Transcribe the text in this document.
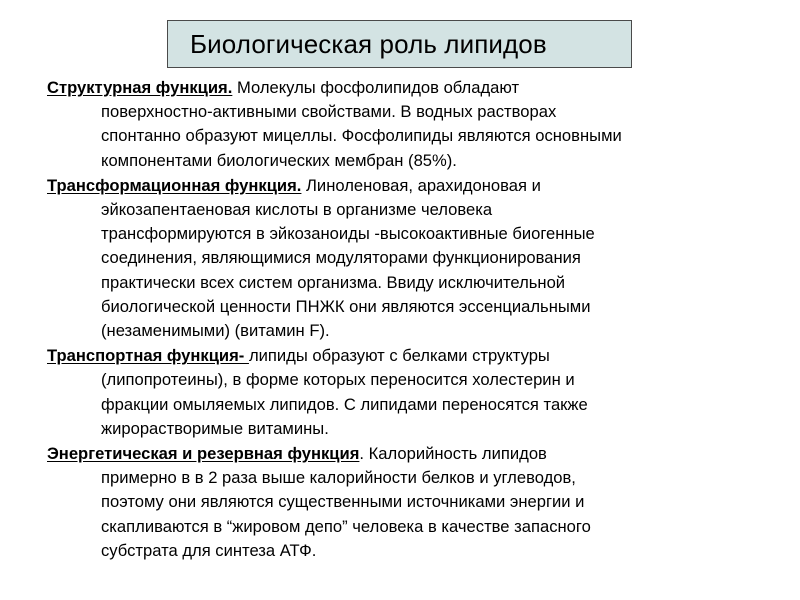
Биологическая роль липидов

Структурная функция. Молекулы фосфолипидов обладают
поверхностно-активными свойствами. В водных растворах
спонтанно образуют мицеллы. Фосфолипиды являются основными
компонентами биологических мембран (85%).

Трансформационная функция. Линоленовая, арахидоновая и
эйкозапентаеновая кислоты в организме человека
трансформируются в эйкозаноиды -высокоактивные биогенные
соединения, являющимися модуляторами функционирования
практически всех систем организма. Ввиду исключительной
биологической ценности ПНЖК они являются эссенциальными
(незаменимыми) (витамин F).

Транспортная функция- липиды образуют с белками структуры
(липопротеины), в форме которых переносится холестерин и
фракции омыляемых липидов. С липидами переносятся также
жирорастворимые витамины.

Энергетическая и резервная функция. Калорийность липидов
примерно в в 2 раза выше калорийности белков и углеводов,
поэтому они являются существенными источниками энергии и
скапливаются в “жировом депо” человека в качестве запасного
субстрата для синтеза АТФ.
